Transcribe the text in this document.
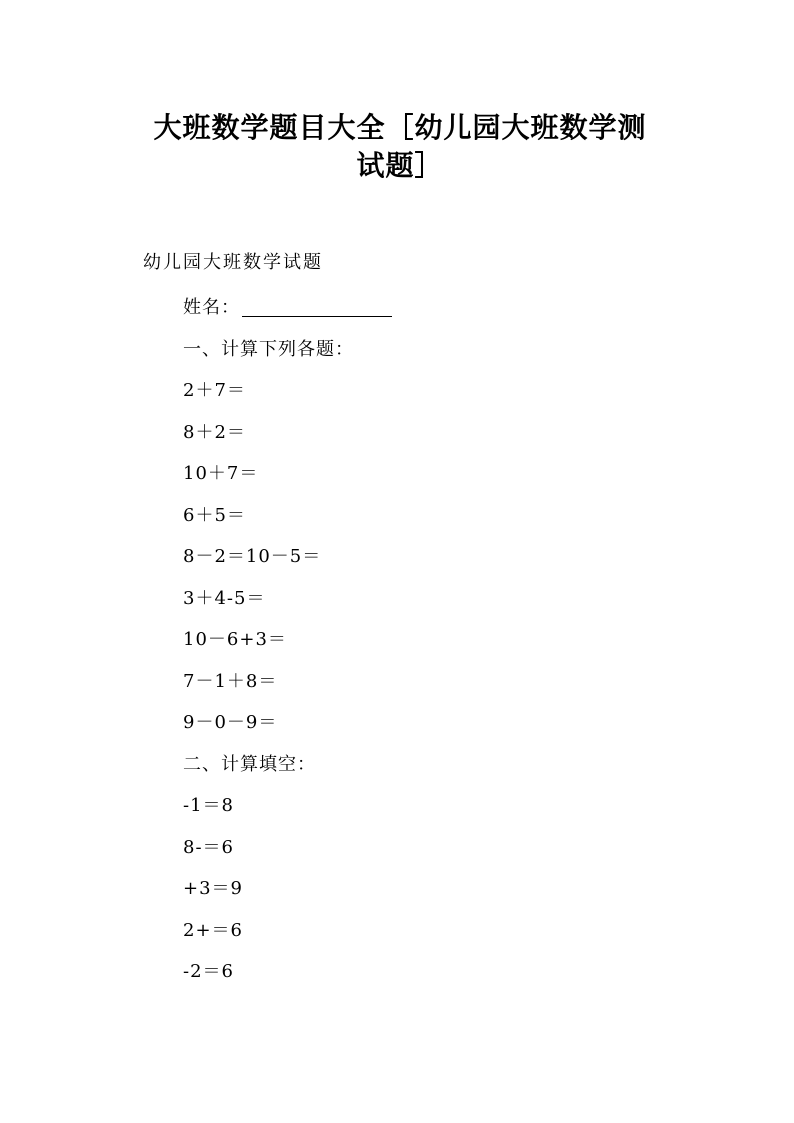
大班数学题目大全［幼儿园大班数学测
试题］
幼儿园大班数学试题
姓名：
一、计算下列各题：
2＋7＝
8＋2＝
10＋7＝
6＋5＝
8－2＝10－5＝
3＋4-5＝
10－6+3＝
7－1＋8＝
9－0－9＝
二、计算填空：
-1＝8
8-＝6
+3＝9
2+＝6
-2＝6
